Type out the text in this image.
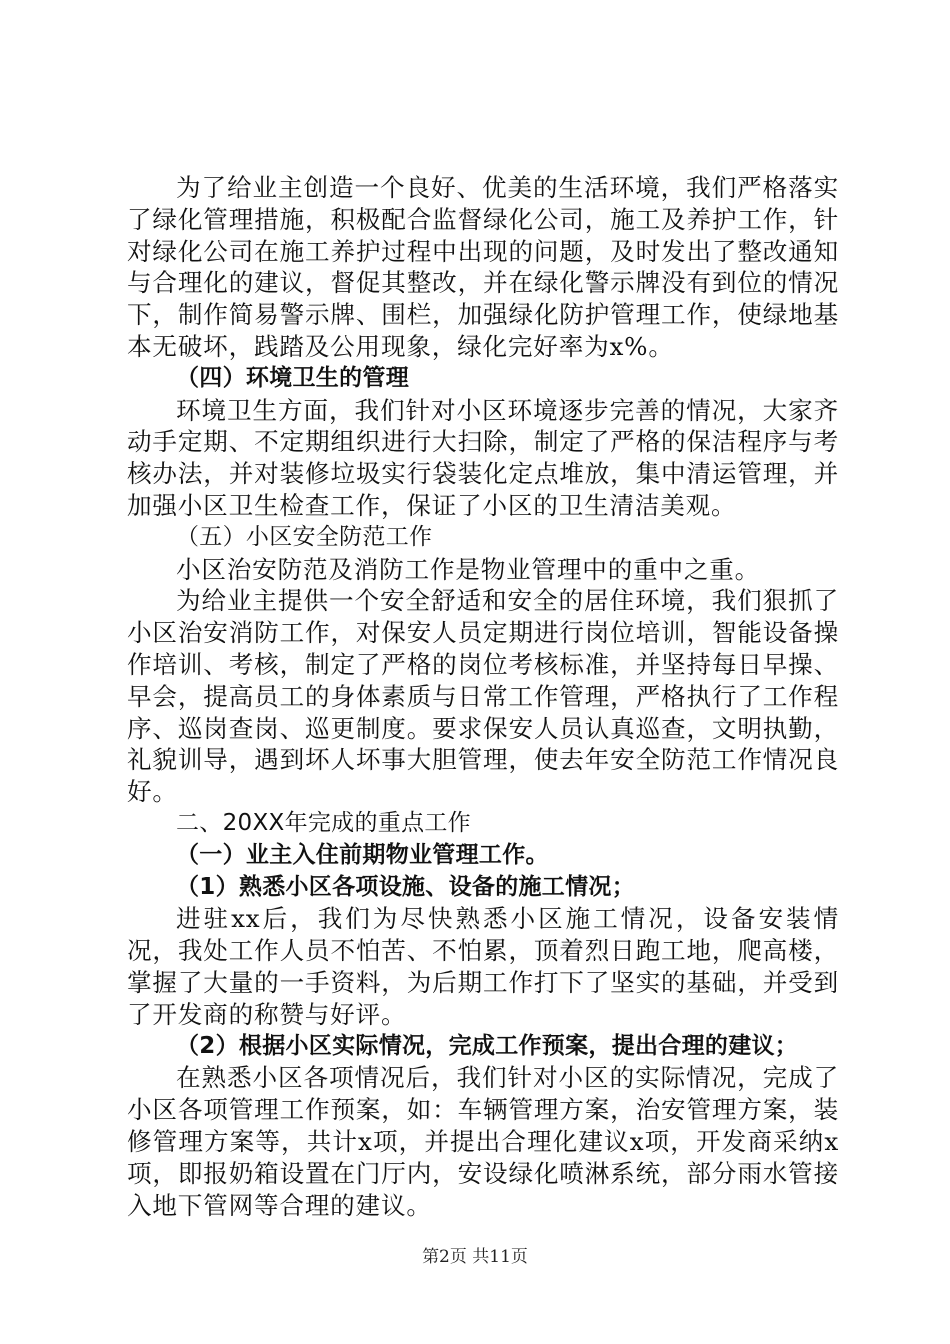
为了给业主创造一个良好、优美的生活环境，我们严格落实了绿化管理措施，积极配合监督绿化公司，施工及养护工作，针对绿化公司在施工养护过程中出现的问题，及时发出了整改通知与合理化的建议，督促其整改，并在绿化警示牌没有到位的情况下，制作简易警示牌、围栏，加强绿化防护管理工作，使绿地基本无破坏，践踏及公用现象，绿化完好率为x%。

（四）环境卫生的管理

环境卫生方面，我们针对小区环境逐步完善的情况，大家齐动手定期、不定期组织进行大扫除，制定了严格的保洁程序与考核办法，并对装修垃圾实行袋装化定点堆放，集中清运管理，并加强小区卫生检查工作，保证了小区的卫生清洁美观。

（五）小区安全防范工作

小区治安防范及消防工作是物业管理中的重中之重。

为给业主提供一个安全舒适和安全的居住环境，我们狠抓了小区治安消防工作，对保安人员定期进行岗位培训，智能设备操作培训、考核，制定了严格的岗位考核标准，并坚持每日早操、早会，提高员工的身体素质与日常工作管理，严格执行了工作程序、巡岗查岗、巡更制度。要求保安人员认真巡查，文明执勤，礼貌训导，遇到坏人坏事大胆管理，使去年安全防范工作情况良好。

二、20XX年完成的重点工作

（一）业主入住前期物业管理工作。

（1）熟悉小区各项设施、设备的施工情况；

进驻xx后，我们为尽快熟悉小区施工情况，设备安装情况，我处工作人员不怕苦、不怕累，顶着烈日跑工地，爬高楼，掌握了大量的一手资料，为后期工作打下了坚实的基础，并受到了开发商的称赞与好评。

（2）根据小区实际情况，完成工作预案，提出合理的建议；

在熟悉小区各项情况后，我们针对小区的实际情况，完成了小区各项管理工作预案，如：车辆管理方案，治安管理方案，装修管理方案等，共计x项，并提出合理化建议x项，开发商采纳x项，即报奶箱设置在门厅内，安设绿化喷淋系统，部分雨水管接入地下管网等合理的建议。

第2页 共11页
